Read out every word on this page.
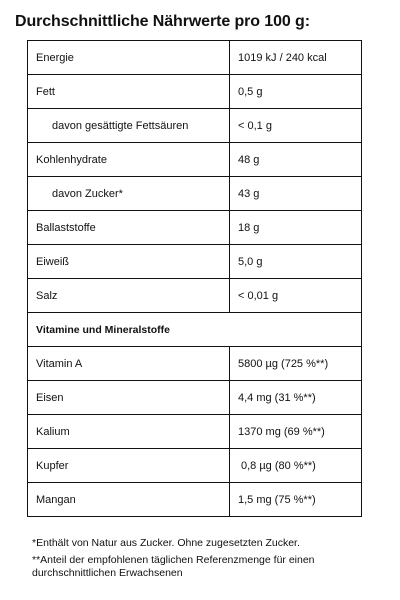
Durchschnittliche Nährwerte pro 100 g:
Energie	1019 kJ / 240 kcal
Fett	0,5 g
davon gesättigte Fettsäuren	< 0,1 g
Kohlenhydrate	48 g
davon Zucker*	43 g
Ballaststoffe	18 g
Eiweiß	5,0 g
Salz	< 0,01 g
Vitamine und Mineralstoffe	
Vitamin A	5800 µg (725 %**)
Eisen	4,4 mg (31 %**)
Kalium	1370 mg (69 %**)
Kupfer	0,8 µg (80 %**)
Mangan	1,5 mg (75 %**)

*Enthält von Natur aus Zucker. Ohne zugesetzten Zucker.

**Anteil der empfohlenen täglichen Referenzmenge für einen durchschnittlichen Erwachsenen
